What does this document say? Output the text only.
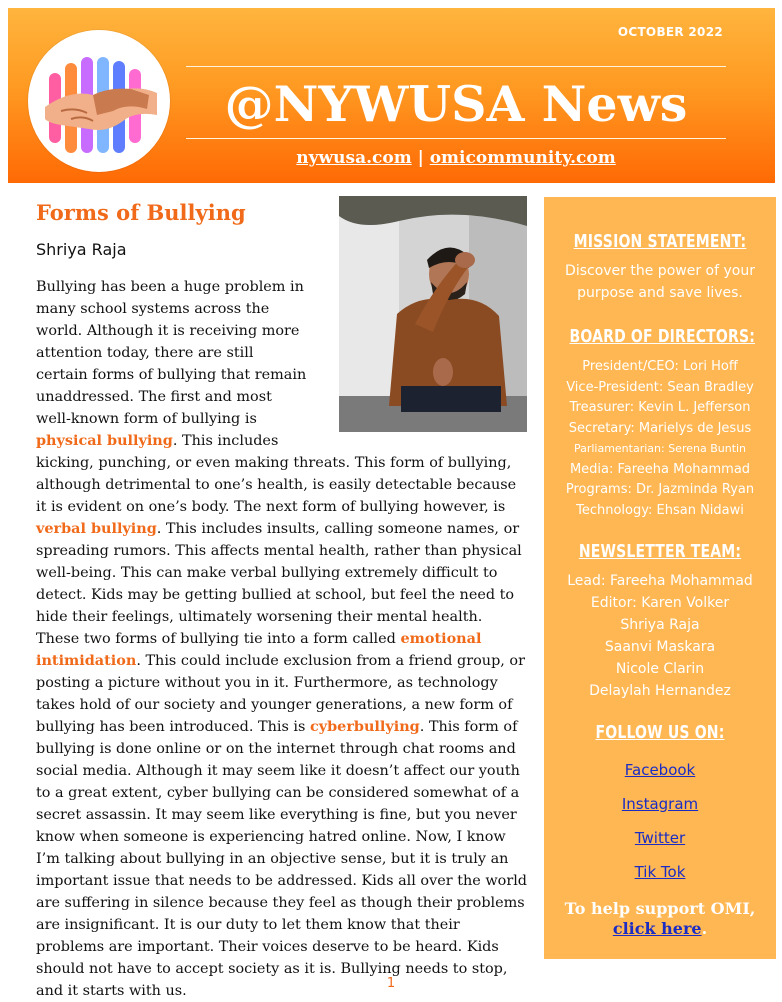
OCTOBER 2022
@NYWUSA News
nywusa.com | omicommunity.com
Forms of Bullying
Shriya Raja
Bullying has been a huge problem in many school systems across the world. Although it is receiving more attention today, there are still certain forms of bullying that remain unaddressed. The first and most well-known form of bullying is physical bullying. This includes kicking, punching, or even making threats. This form of bullying, although detrimental to one’s health, is easily detectable because it is evident on one’s body. The next form of bullying however, is verbal bullying. This includes insults, calling someone names, or spreading rumors. This affects mental health, rather than physical well-being. This can make verbal bullying extremely difficult to detect. Kids may be getting bullied at school, but feel the need to hide their feelings, ultimately worsening their mental health. These two forms of bullying tie into a form called emotional intimidation. This could include exclusion from a friend group, or posting a picture without you in it. Furthermore, as technology takes hold of our society and younger generations, a new form of bullying has been introduced. This is cyberbullying. This form of bullying is done online or on the internet through chat rooms and social media. Although it may seem like it doesn’t affect our youth to a great extent, cyber bullying can be considered somewhat of a secret assassin. It may seem like everything is fine, but you never know when someone is experiencing hatred online. Now, I know I’m talking about bullying in an objective sense, but it is truly an important issue that needs to be addressed. Kids all over the world are suffering in silence because they feel as though their problems are insignificant. It is our duty to let them know that their problems are important. Their voices deserve to be heard. Kids should not have to accept society as it is. Bullying needs to stop, and it starts with us.
MISSION STATEMENT:
Discover the power of your purpose and save lives.
BOARD OF DIRECTORS:
President/CEO: Lori Hoff
Vice-President: Sean Bradley
Treasurer: Kevin L. Jefferson
Secretary: Marielys de Jesus
Parliamentarian: Serena Buntin
Media: Fareeha Mohammad
Programs: Dr. Jazminda Ryan
Technology: Ehsan Nidawi
NEWSLETTER TEAM:
Lead: Fareeha Mohammad
Editor: Karen Volker
Shriya Raja
Saanvi Maskara
Nicole Clarin
Delaylah Hernandez
FOLLOW US ON:
Facebook
Instagram
Twitter
Tik Tok
To help support OMI,
click here.
1
